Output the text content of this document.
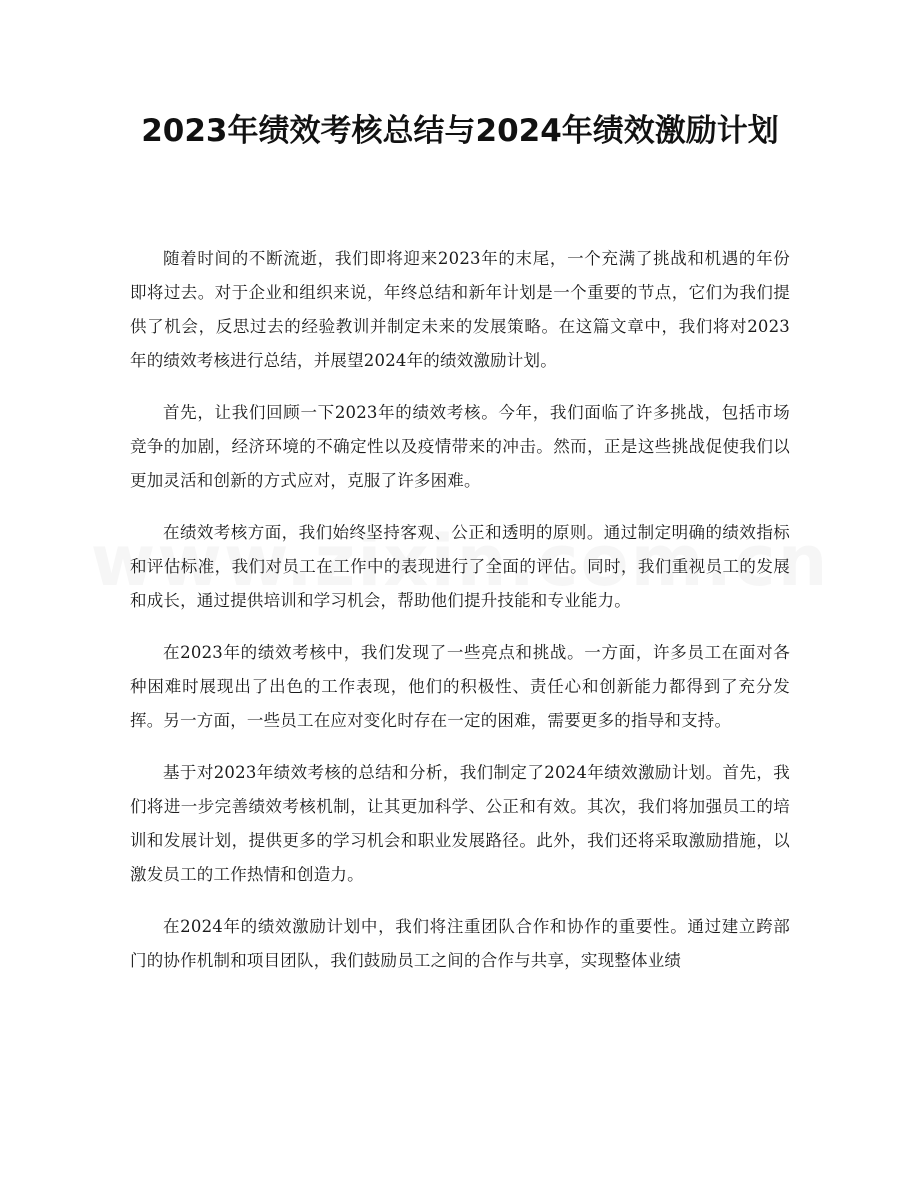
2023年绩效考核总结与2024年绩效激励计划

随着时间的不断流逝，我们即将迎来2023年的末尾，一个充满了挑战和机遇的年份即将过去。对于企业和组织来说，年终总结和新年计划是一个重要的节点，它们为我们提供了机会，反思过去的经验教训并制定未来的发展策略。在这篇文章中，我们将对2023年的绩效考核进行总结，并展望2024年的绩效激励计划。

首先，让我们回顾一下2023年的绩效考核。今年，我们面临了许多挑战，包括市场竞争的加剧，经济环境的不确定性以及疫情带来的冲击。然而，正是这些挑战促使我们以更加灵活和创新的方式应对，克服了许多困难。

在绩效考核方面，我们始终坚持客观、公正和透明的原则。通过制定明确的绩效指标和评估标准，我们对员工在工作中的表现进行了全面的评估。同时，我们重视员工的发展和成长，通过提供培训和学习机会，帮助他们提升技能和专业能力。

在2023年的绩效考核中，我们发现了一些亮点和挑战。一方面，许多员工在面对各种困难时展现出了出色的工作表现，他们的积极性、责任心和创新能力都得到了充分发挥。另一方面，一些员工在应对变化时存在一定的困难，需要更多的指导和支持。

基于对2023年绩效考核的总结和分析，我们制定了2024年绩效激励计划。首先，我们将进一步完善绩效考核机制，让其更加科学、公正和有效。其次，我们将加强员工的培训和发展计划，提供更多的学习机会和职业发展路径。此外，我们还将采取激励措施，以激发员工的工作热情和创造力。

在2024年的绩效激励计划中，我们将注重团队合作和协作的重要性。通过建立跨部门的协作机制和项目团队，我们鼓励员工之间的合作与共享，实现整体业绩
